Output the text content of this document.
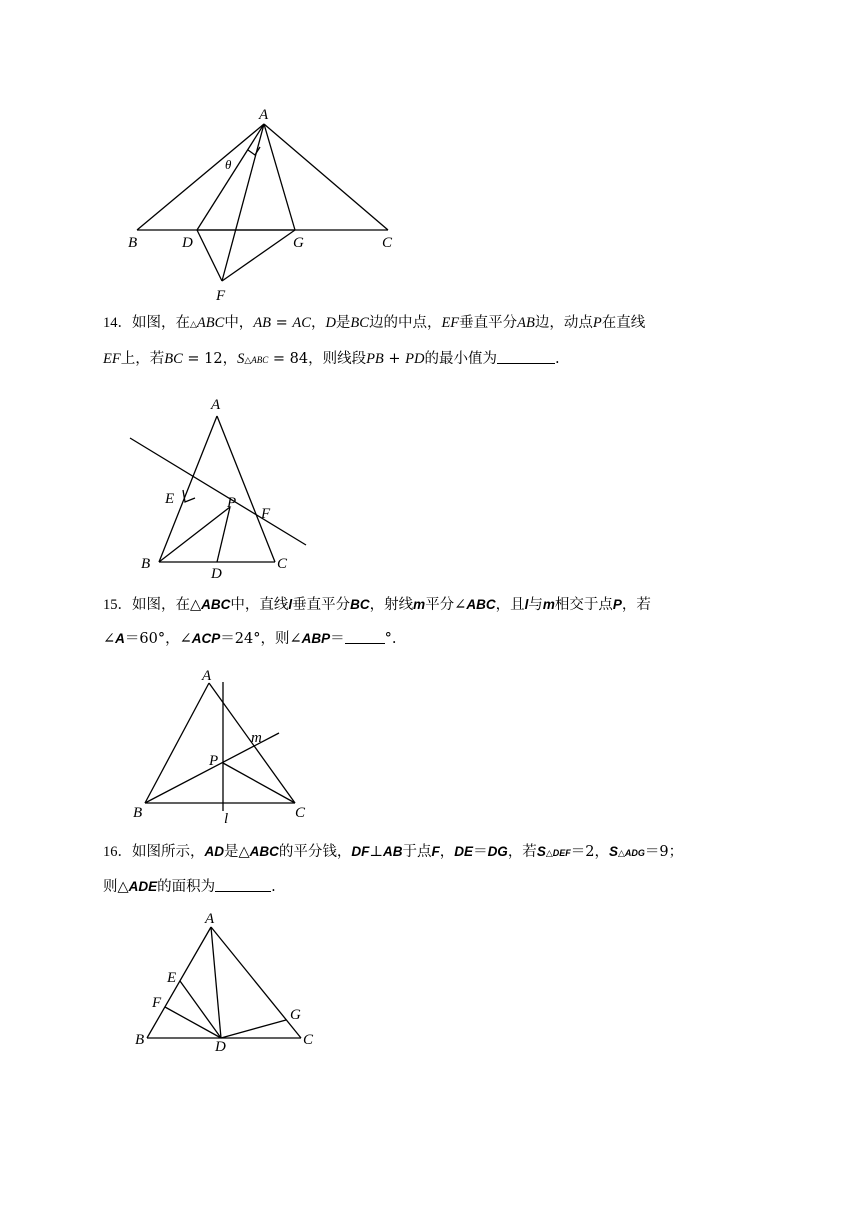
A
θ
B	D	G	C
F

14．如图，在△ABC中，AB = AC，D是BC边的中点，EF垂直平分AB边，动点P在直线
EF上，若BC = 12，S△ABC = 84，则线段PB + PD的最小值为	.

A
E	P
F
B
D
C

15．如图，在△ABC中，直线l垂直平分BC，射线m平分∠ABC，且l与m相交于点P，若
∠A＝60°，∠ACP＝24°，则∠ABP＝	°.

A
m
P
B	l	C

16．如图所示，AD是△ABC的平分钱，DF⊥AB于点F，DE＝DG，若S△DEF＝2，S△ADG＝9；
则△ADE的面积为	.

A
E
F
B	D
G
C
